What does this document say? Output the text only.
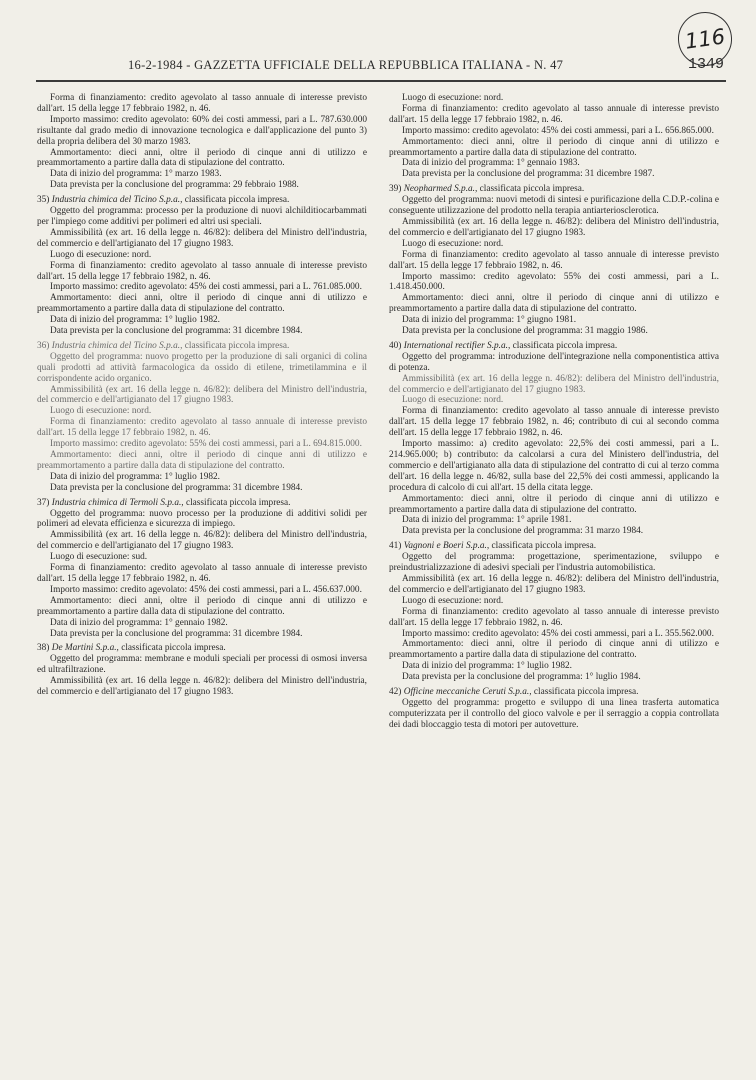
116
16-2-1984 - GAZZETTA UFFICIALE DELLA REPUBBLICA ITALIANA - N. 47	1349

Forma di finanziamento: credito agevolato al tasso annuale di interesse previsto dall'art. 15 della legge 17 febbraio 1982, n. 46.

Importo massimo: credito agevolato: 60% dei costi ammessi, pari a L. 787.630.000 risultante dal grado medio di innovazione tecnologica e dall'applicazione del punto 3) della propria delibera del 30 marzo 1983.

Ammortamento: dieci anni, oltre il periodo di cinque anni di utilizzo e preammortamento a partire dalla data di stipulazione del contratto.

Data di inizio del programma: 1° marzo 1983.

Data prevista per la conclusione del programma: 29 febbraio 1988.

35) Industria chimica del Ticino S.p.a., classificata piccola impresa.

Oggetto del programma: processo per la produzione di nuovi alchilditiocarbammati per l'impiego come additivi per polimeri ed altri usi speciali.

Ammissibilità (ex art. 16 della legge n. 46/82): delibera del Ministro dell'industria, del commercio e dell'artigianato del 17 giugno 1983.

Luogo di esecuzione: nord.

Forma di finanziamento: credito agevolato al tasso annuale di interesse previsto dall'art. 15 della legge 17 febbraio 1982, n. 46.

Importo massimo: credito agevolato: 45% dei costi ammessi, pari a L. 761.085.000.

Ammortamento: dieci anni, oltre il periodo di cinque anni di utilizzo e preammortamento a partire dalla data di stipulazione del contratto.

Data di inizio del programma: 1° luglio 1982.

Data prevista per la conclusione del programma: 31 dicembre 1984.

36) Industria chimica del Ticino S.p.a., classificata piccola impresa.

Oggetto del programma: nuovo progetto per la produzione di sali organici di colina quali prodotti ad attività farmacologica da ossido di etilene, trimetilammina e il corrispondente acido organico.

Ammissibilità (ex art. 16 della legge n. 46/82): delibera del Ministro dell'industria, del commercio e dell'artigianato del 17 giugno 1983.

Luogo di esecuzione: nord.

Forma di finanziamento: credito agevolato al tasso annuale di interesse previsto dall'art. 15 della legge 17 febbraio 1982, n. 46.

Importo massimo: credito agevolato: 55% dei costi ammessi, pari a L. 694.815.000.

Ammortamento: dieci anni, oltre il periodo di cinque anni di utilizzo e preammortamento a partire dalla data di stipulazione del contratto.

Data di inizio del programma: 1° luglio 1982.

Data prevista per la conclusione del programma: 31 dicembre 1984.

37) Industria chimica di Termoli S.p.a., classificata piccola impresa.

Oggetto del programma: nuovo processo per la produzione di additivi solidi per polimeri ad elevata efficienza e sicurezza di impiego.

Ammissibilità (ex art. 16 della legge n. 46/82): delibera del Ministro dell'industria, del commercio e dell'artigianato del 17 giugno 1983.

Luogo di esecuzione: sud.

Forma di finanziamento: credito agevolato al tasso annuale di interesse previsto dall'art. 15 della legge 17 febbraio 1982, n. 46.

Importo massimo: credito agevolato: 45% dei costi ammessi, pari a L. 456.637.000.

Ammortamento: dieci anni, oltre il periodo di cinque anni di utilizzo e preammortamento a partire dalla data di stipulazione del contratto.

Data di inizio del programma: 1° gennaio 1982.

Data prevista per la conclusione del programma: 31 dicembre 1984.

38) De Martini S.p.a., classificata piccola impresa.

Oggetto del programma: membrane e moduli speciali per processi di osmosi inversa ed ultrafiltrazione.

Ammissibilità (ex art. 16 della legge n. 46/82): delibera del Ministro dell'industria, del commercio e dell'artigianato del 17 giugno 1983.

Luogo di esecuzione: nord.

Forma di finanziamento: credito agevolato al tasso annuale di interesse previsto dall'art. 15 della legge 17 febbraio 1982, n. 46.

Importo massimo: credito agevolato: 45% dei costi ammessi, pari a L. 656.865.000.

Ammortamento: dieci anni, oltre il periodo di cinque anni di utilizzo e preammortamento a partire dalla data di stipulazione del contratto.

Data di inizio del programma: 1° gennaio 1983.

Data prevista per la conclusione del programma: 31 dicembre 1987.

39) Neopharmed S.p.a., classificata piccola impresa.

Oggetto del programma: nuovi metodi di sintesi e purificazione della C.D.P.-colina e conseguente utilizzazione del prodotto nella terapia antiarteriosclerotica.

Ammissibilità (ex art. 16 della legge n. 46/82): delibera del Ministro dell'industria, del commercio e dell'artigianato del 17 giugno 1983.

Luogo di esecuzione: nord.

Forma di finanziamento: credito agevolato al tasso annuale di interesse previsto dall'art. 15 della legge 17 febbraio 1982, n. 46.

Importo massimo: credito agevolato: 55% dei costi ammessi, pari a L. 1.418.450.000.

Ammortamento: dieci anni, oltre il periodo di cinque anni di utilizzo e preammortamento a partire dalla data di stipulazione del contratto.

Data di inizio del programma: 1° giugno 1981.

Data prevista per la conclusione del programma: 31 maggio 1986.

40) International rectifier S.p.a., classificata piccola impresa.

Oggetto del programma: introduzione dell'integrazione nella componentistica attiva di potenza.

Ammissibilità (ex art. 16 della legge n. 46/82): delibera del Ministro dell'industria, del commercio e dell'artigianato del 17 giugno 1983.

Luogo di esecuzione: nord.

Forma di finanziamento: credito agevolato al tasso annuale di interesse previsto dall'art. 15 della legge 17 febbraio 1982, n. 46; contributo di cui al secondo comma dell'art. 15 della legge 17 febbraio 1982, n. 46.

Importo massimo: a) credito agevolato: 22,5% dei costi ammessi, pari a L. 214.965.000; b) contributo: da calcolarsi a cura del Ministero dell'industria, del commercio e dell'artigianato alla data di stipulazione del contratto di cui al terzo comma dell'art. 16 della legge n. 46/82, sulla base del 22,5% dei costi ammessi, applicando la procedura di calcolo di cui all'art. 15 della citata legge.

Ammortamento: dieci anni, oltre il periodo di cinque anni di utilizzo e preammortamento a partire dalla data di stipulazione del contratto.

Data di inizio del programma: 1° aprile 1981.

Data prevista per la conclusione del programma: 31 marzo 1984.

41) Vagnoni e Boeri S.p.a., classificata piccola impresa.

Oggetto del programma: progettazione, sperimentazione, sviluppo e preindustrializzazione di adesivi speciali per l'industria automobilistica.

Ammissibilità (ex art. 16 della legge n. 46/82): delibera del Ministro dell'industria, del commercio e dell'artigianato del 17 giugno 1983.

Luogo di esecuzione: nord.

Forma di finanziamento: credito agevolato al tasso annuale di interesse previsto dall'art. 15 della legge 17 febbraio 1982, n. 46.

Importo massimo: credito agevolato: 45% dei costi ammessi, pari a L. 355.562.000.

Ammortamento: dieci anni, oltre il periodo di cinque anni di utilizzo e preammortamento a partire dalla data di stipulazione del contratto.

Data di inizio del programma: 1° luglio 1982.

Data prevista per la conclusione del programma: 1° luglio 1984.

42) Officine meccaniche Ceruti S.p.a., classificata piccola impresa.

Oggetto del programma: progetto e sviluppo di una linea trasferta automatica computerizzata per il controllo del gioco valvole e per il serraggio a coppia controllata dei dadi bloccaggio testa di motori per autovetture.
